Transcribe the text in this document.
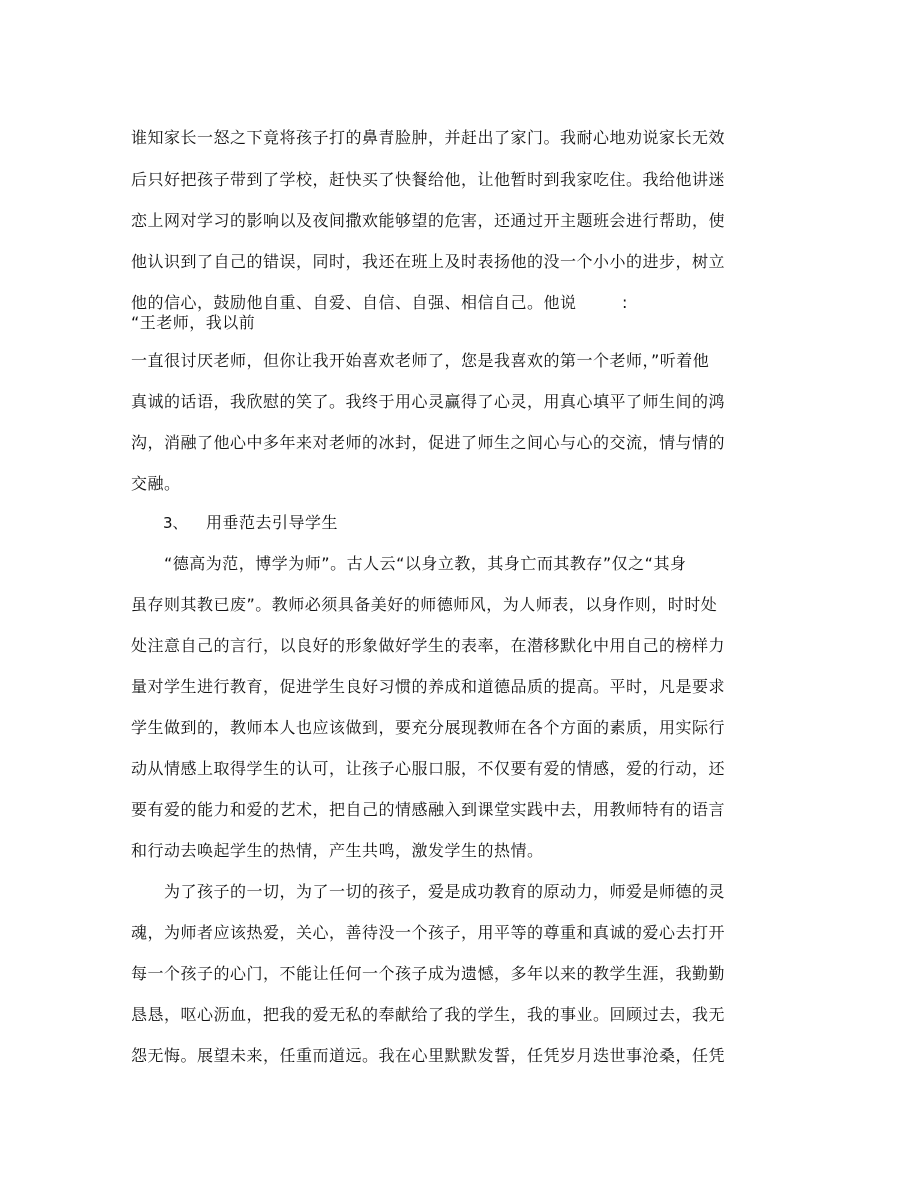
谁知家长一怒之下竟将孩子打的鼻青脸肿，并赶出了家门。我耐心地劝说家长无效
后只好把孩子带到了学校，赶快买了快餐给他，让他暂时到我家吃住。我给他讲迷
恋上网对学习的影响以及夜间撒欢能够望的危害，还通过开主题班会进行帮助，使
他认识到了自己的错误，同时，我还在班上及时表扬他的没一个小小的进步，树立
他的信心，鼓励他自重、自爱、自信、自强、相信自己。他说	:
“王老师，我以前
一直很讨厌老师，但你让我开始喜欢老师了，您是我喜欢的第一个老师，”听着他
真诚的话语，我欣慰的笑了。我终于用心灵赢得了心灵，用真心填平了师生间的鸿
沟，消融了他心中多年来对老师的冰封，促进了师生之间心与心的交流，情与情的
交融。
3、 用垂范去引导学生
“德高为范，博学为师”。古人云“以身立教，其身亡而其教存”仅之“其身
虽存则其教已废”。教师必须具备美好的师德师风，为人师表，以身作则，时时处
处注意自己的言行，以良好的形象做好学生的表率，在潜移默化中用自己的榜样力
量对学生进行教育，促进学生良好习惯的养成和道德品质的提高。平时，凡是要求
学生做到的，教师本人也应该做到，要充分展现教师在各个方面的素质，用实际行
动从情感上取得学生的认可，让孩子心服口服，不仅要有爱的情感，爱的行动，还
要有爱的能力和爱的艺术，把自己的情感融入到课堂实践中去，用教师特有的语言
和行动去唤起学生的热情，产生共鸣，激发学生的热情。
为了孩子的一切，为了一切的孩子，爱是成功教育的原动力，师爱是师德的灵
魂，为师者应该热爱，关心，善待没一个孩子，用平等的尊重和真诚的爱心去打开
每一个孩子的心门，不能让任何一个孩子成为遗憾，多年以来的教学生涯，我勤勤
恳恳，呕心沥血，把我的爱无私的奉献给了我的学生，我的事业。回顾过去，我无
怨无悔。展望未来，任重而道远。我在心里默默发誓，任凭岁月迭世事沧桑，任凭
